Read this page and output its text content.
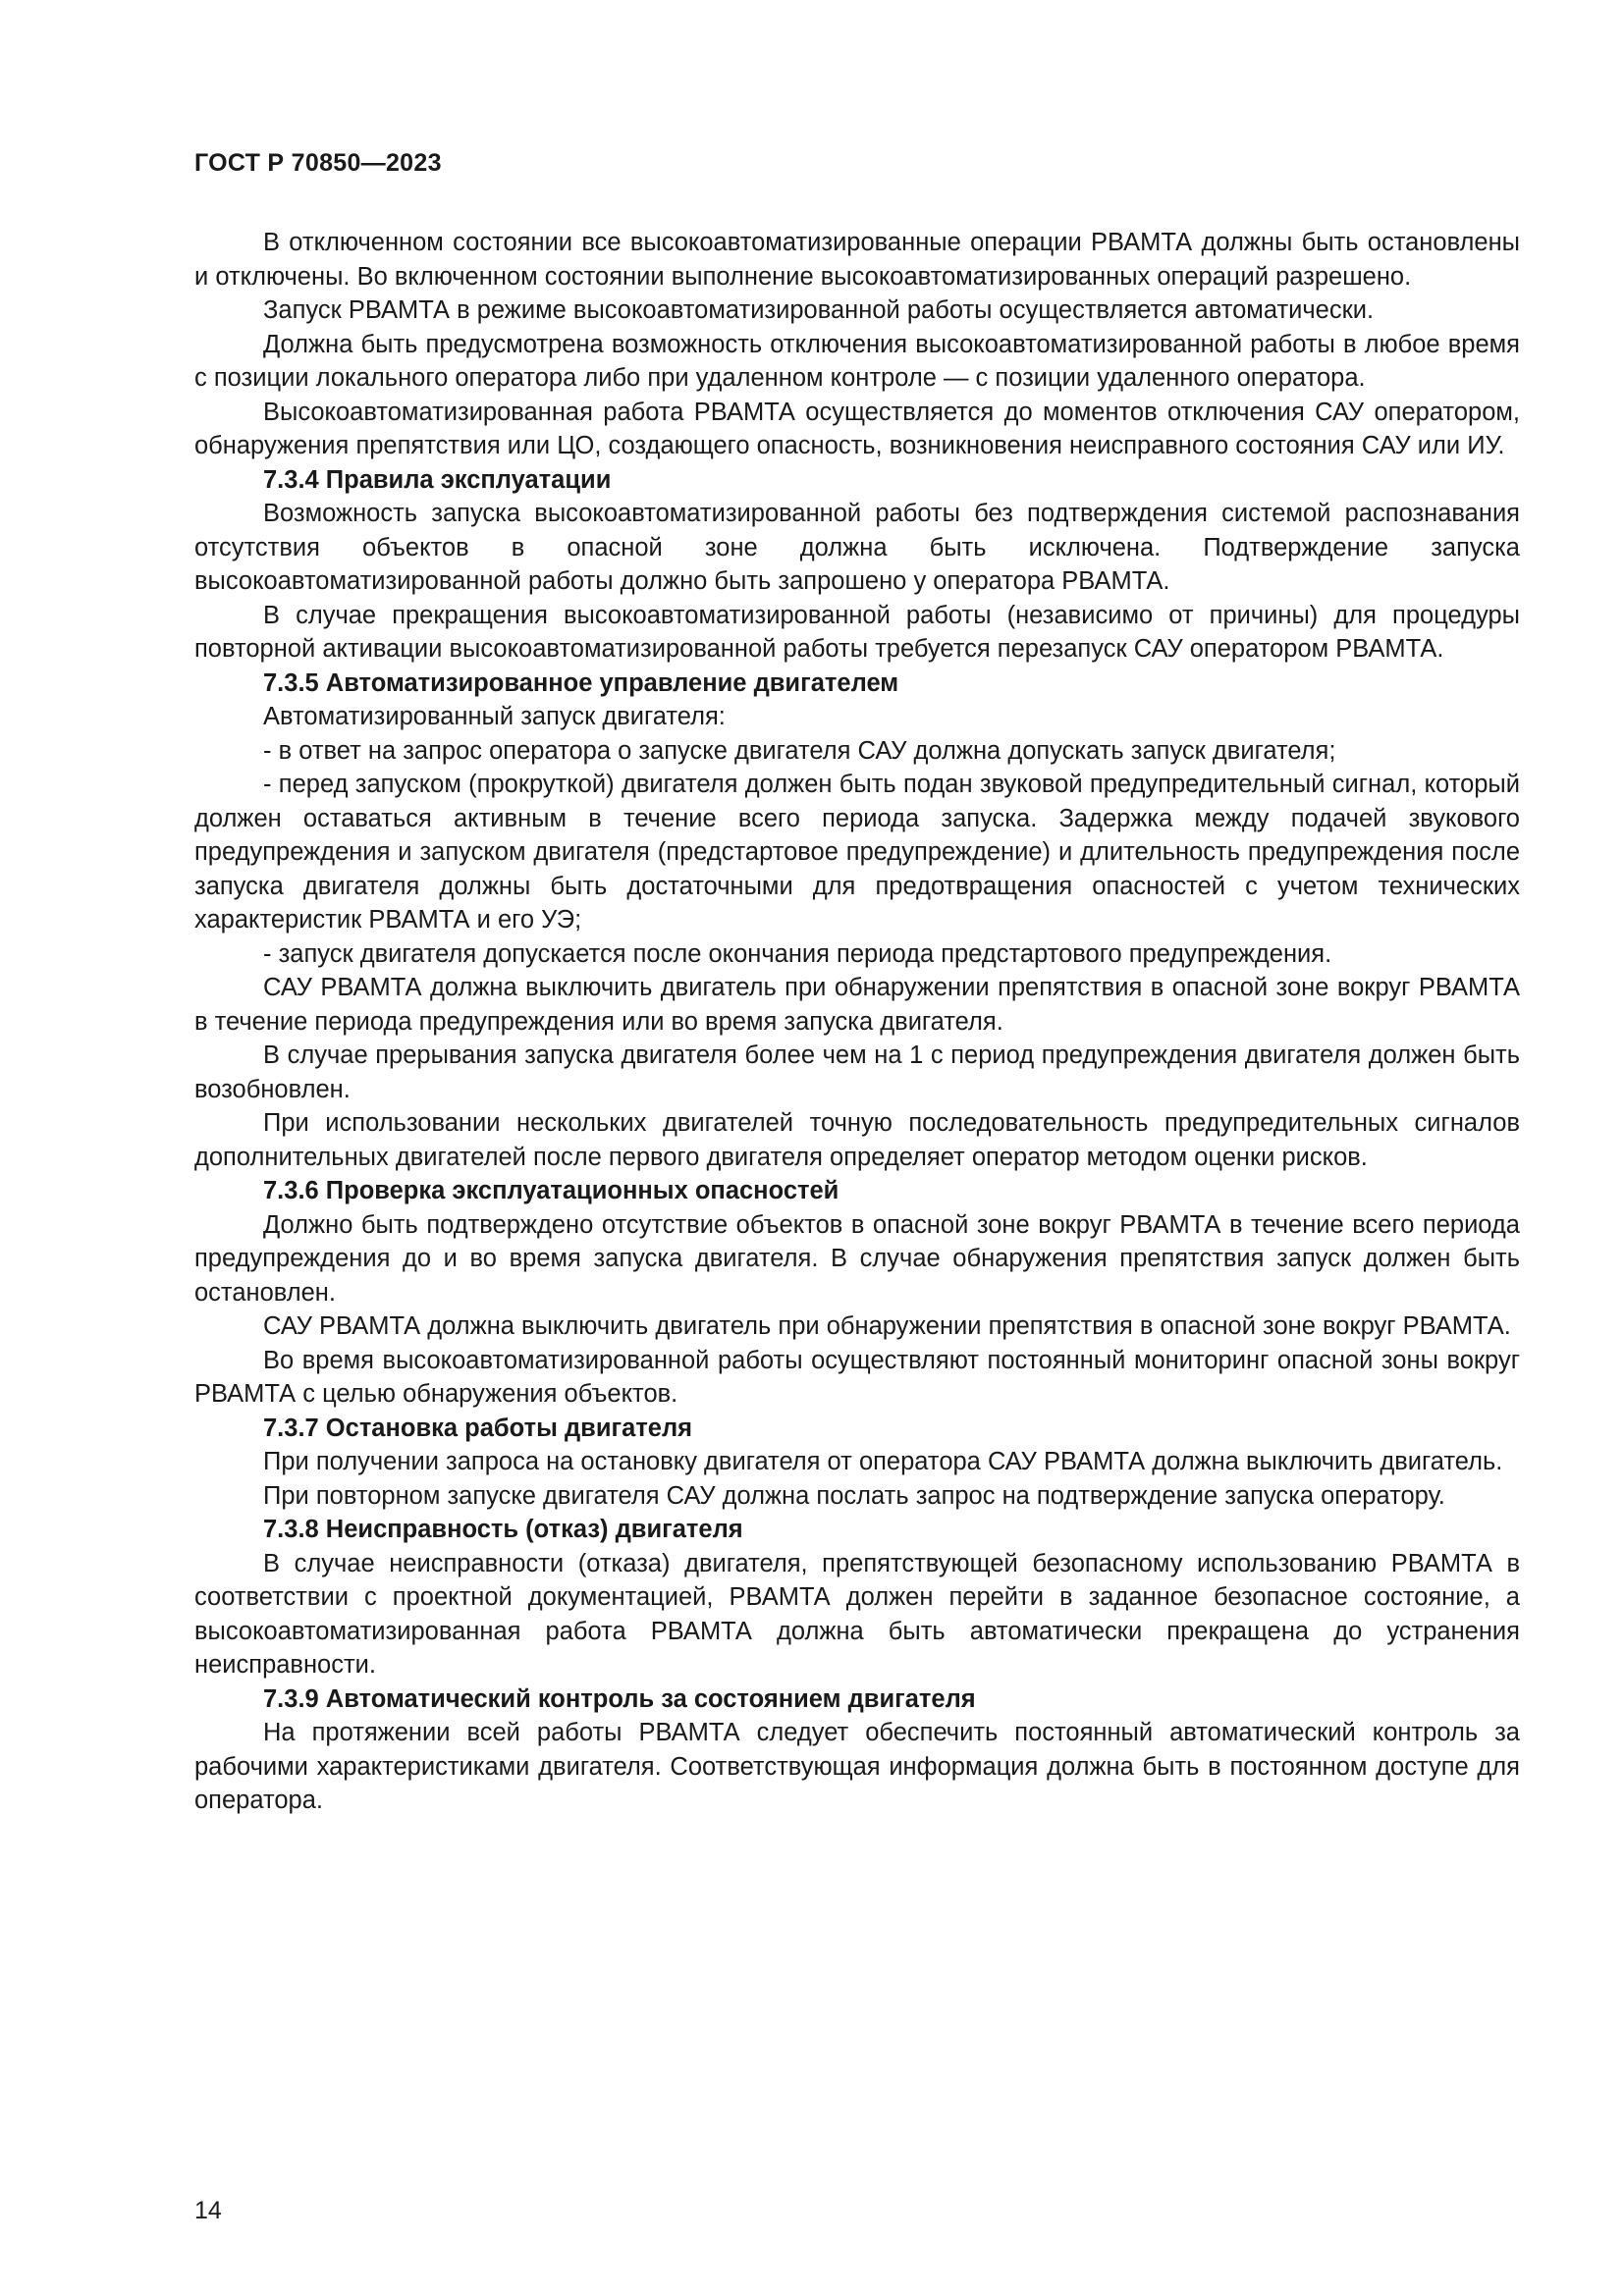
ГОСТ Р 70850—2023
В отключенном состоянии все высокоавтоматизированные операции РВАМТА должны быть остановлены и отключены. Во включенном состоянии выполнение высокоавтоматизированных операций разрешено.
Запуск РВАМТА в режиме высокоавтоматизированной работы осуществляется автоматически.
Должна быть предусмотрена возможность отключения высокоавтоматизированной работы в любое время с позиции локального оператора либо при удаленном контроле — с позиции удаленного оператора.
Высокоавтоматизированная работа РВАМТА осуществляется до моментов отключения САУ оператором, обнаружения препятствия или ЦО, создающего опасность, возникновения неисправного состояния САУ или ИУ.
7.3.4 Правила эксплуатации
Возможность запуска высокоавтоматизированной работы без подтверждения системой распознавания отсутствия объектов в опасной зоне должна быть исключена. Подтверждение запуска высокоавтоматизированной работы должно быть запрошено у оператора РВАМТА.
В случае прекращения высокоавтоматизированной работы (независимо от причины) для процедуры повторной активации высокоавтоматизированной работы требуется перезапуск САУ оператором РВАМТА.
7.3.5 Автоматизированное управление двигателем
Автоматизированный запуск двигателя:
- в ответ на запрос оператора о запуске двигателя САУ должна допускать запуск двигателя;
- перед запуском (прокруткой) двигателя должен быть подан звуковой предупредительный сигнал, который должен оставаться активным в течение всего периода запуска. Задержка между подачей звукового предупреждения и запуском двигателя (предстартовое предупреждение) и длительность предупреждения после запуска двигателя должны быть достаточными для предотвращения опасностей с учетом технических характеристик РВАМТА и его УЭ;
- запуск двигателя допускается после окончания периода предстартового предупреждения.
САУ РВАМТА должна выключить двигатель при обнаружении препятствия в опасной зоне вокруг РВАМТА в течение периода предупреждения или во время запуска двигателя.
В случае прерывания запуска двигателя более чем на 1 с период предупреждения двигателя должен быть возобновлен.
При использовании нескольких двигателей точную последовательность предупредительных сигналов дополнительных двигателей после первого двигателя определяет оператор методом оценки рисков.
7.3.6 Проверка эксплуатационных опасностей
Должно быть подтверждено отсутствие объектов в опасной зоне вокруг РВАМТА в течение всего периода предупреждения до и во время запуска двигателя. В случае обнаружения препятствия запуск должен быть остановлен.
САУ РВАМТА должна выключить двигатель при обнаружении препятствия в опасной зоне вокруг РВАМТА.
Во время высокоавтоматизированной работы осуществляют постоянный мониторинг опасной зоны вокруг РВАМТА с целью обнаружения объектов.
7.3.7 Остановка работы двигателя
При получении запроса на остановку двигателя от оператора САУ РВАМТА должна выключить двигатель.
При повторном запуске двигателя САУ должна послать запрос на подтверждение запуска оператору.
7.3.8 Неисправность (отказ) двигателя
В случае неисправности (отказа) двигателя, препятствующей безопасному использованию РВАМТА в соответствии с проектной документацией, РВАМТА должен перейти в заданное безопасное состояние, а высокоавтоматизированная работа РВАМТА должна быть автоматически прекращена до устранения неисправности.
7.3.9 Автоматический контроль за состоянием двигателя
На протяжении всей работы РВАМТА следует обеспечить постоянный автоматический контроль за рабочими характеристиками двигателя. Соответствующая информация должна быть в постоянном доступе для оператора.
14
